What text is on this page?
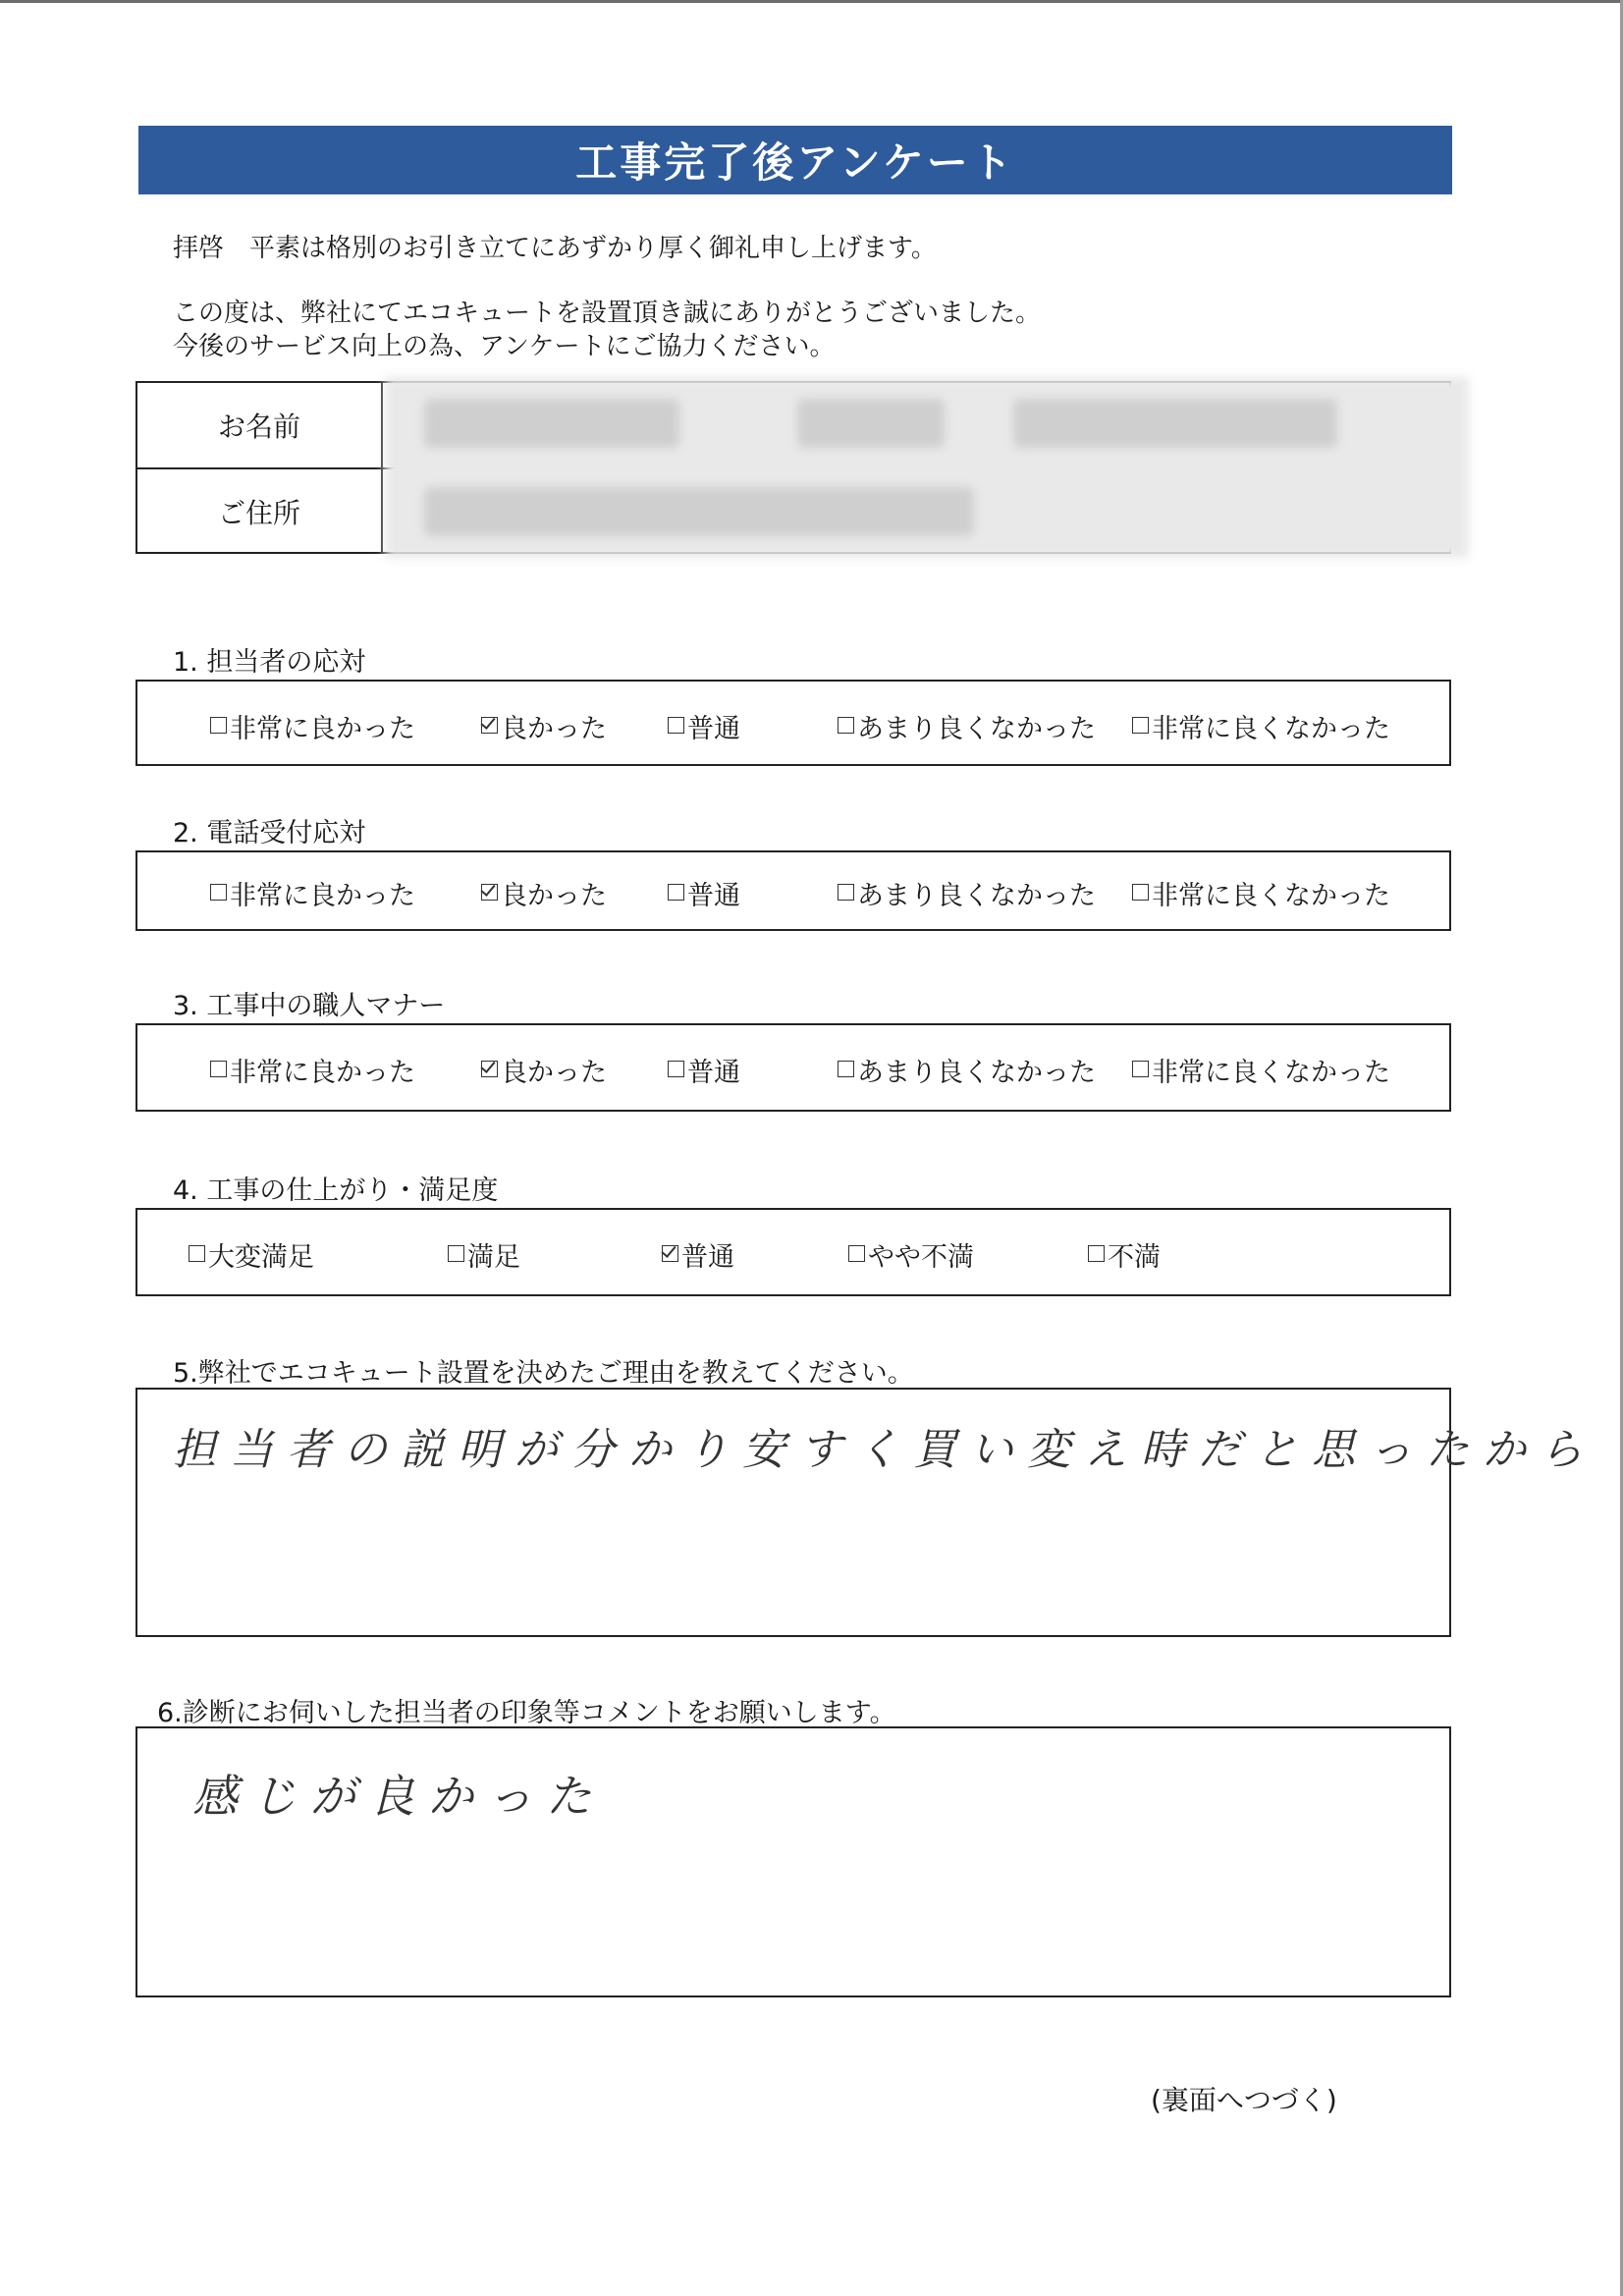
工事完了後アンケート
拝啓　平素は格別のお引き立てにあずかり厚く御礼申し上げます。
この度は、弊社にてエコキュートを設置頂き誠にありがとうございました。
今後のサービス向上の為、アンケートにご協力ください。
お名前
ご住所
1. 担当者の応対
非常に良かった	良かった	普通	あまり良くなかった 非常に良くなかった
2. 電話受付応対
非常に良かった	良かった	普通	あまり良くなかった 非常に良くなかった
3. 工事中の職人マナー
非常に良かった	良かった	普通	あまり良くなかった 非常に良くなかった
4. 工事の仕上がり・満足度
大変満足	満足	普通	やや不満	不満
5.弊社でエコキュート設置を決めたご理由を教えてください。
担当者の説明が分かり安すく買い変え時だと思ったから
6.診断にお伺いした担当者の印象等コメントをお願いします。
感じが良かった
(裏面へつづく)
